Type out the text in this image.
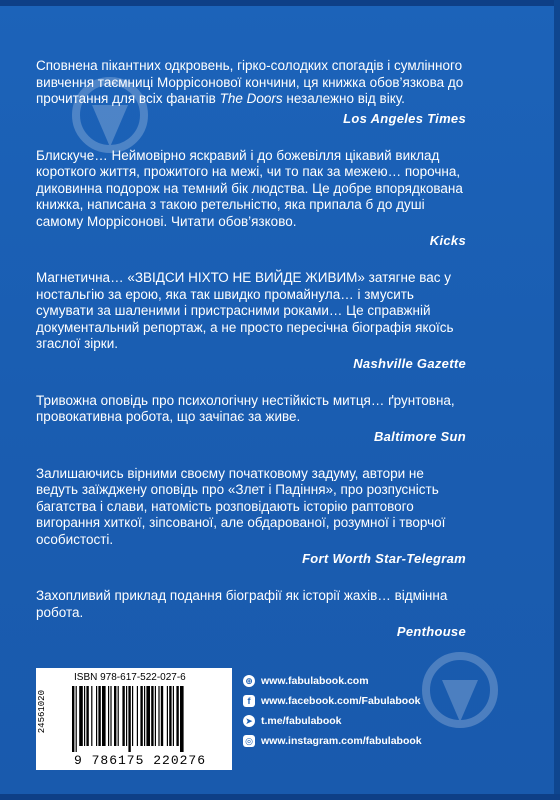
Сповнена пікантних одкровень, гірко-солодких спогадів і сумлінного вивчення таємниці Моррісонової кончини, ця книжка обов’язкова до прочитання для всіх фанатів The Doors незалежно від віку.

Los Angeles Times

Блискуче… Неймовірно яскравий і до божевілля цікавий виклад короткого життя, прожитого на межі, чи то пак за межею… порочна, диковинна подорож на темний бік людства. Це добре впорядкована книжка, написана з такою ретельністю, яка припала б до душі самому Моррісонові. Читати обов’язково.

Kicks

Магнетична… «ЗВІДСИ НІХТО НЕ ВИЙДЕ ЖИВИМ» затягне вас у ностальгію за ерою, яка так швидко промайнула… і змусить сумувати за шаленими і пристрасними роками… Це справжній документальний репортаж, а не просто пересічна біографія якоїсь згаслої зірки.

Nashville Gazette

Тривожна оповідь про психологічну нестійкість митця… ґрунтовна, провокативна робота, що зачіпає за живе.

Baltimore Sun

Залишаючись вірними своєму початковому задуму, автори не ведуть заїжджену оповідь про «Злет і Падіння», про розпусність багатства і слави, натомість розповідають історію раптового вигорання хиткої, зіпсованої, але обдарованої, розумної і творчої особистості.

Fort Worth Star-Telegram

Захопливий приклад подання біографії як історії жахів… відмінна робота.

Penthouse
ISBN 978-617-522-027-6
24561020
9 786175 220276
⊕ www.fabulabook.com
f	www.facebook.com/Fabulabook
➤ t.me/fabulabook
◎ www.instagram.com/fabulabook
